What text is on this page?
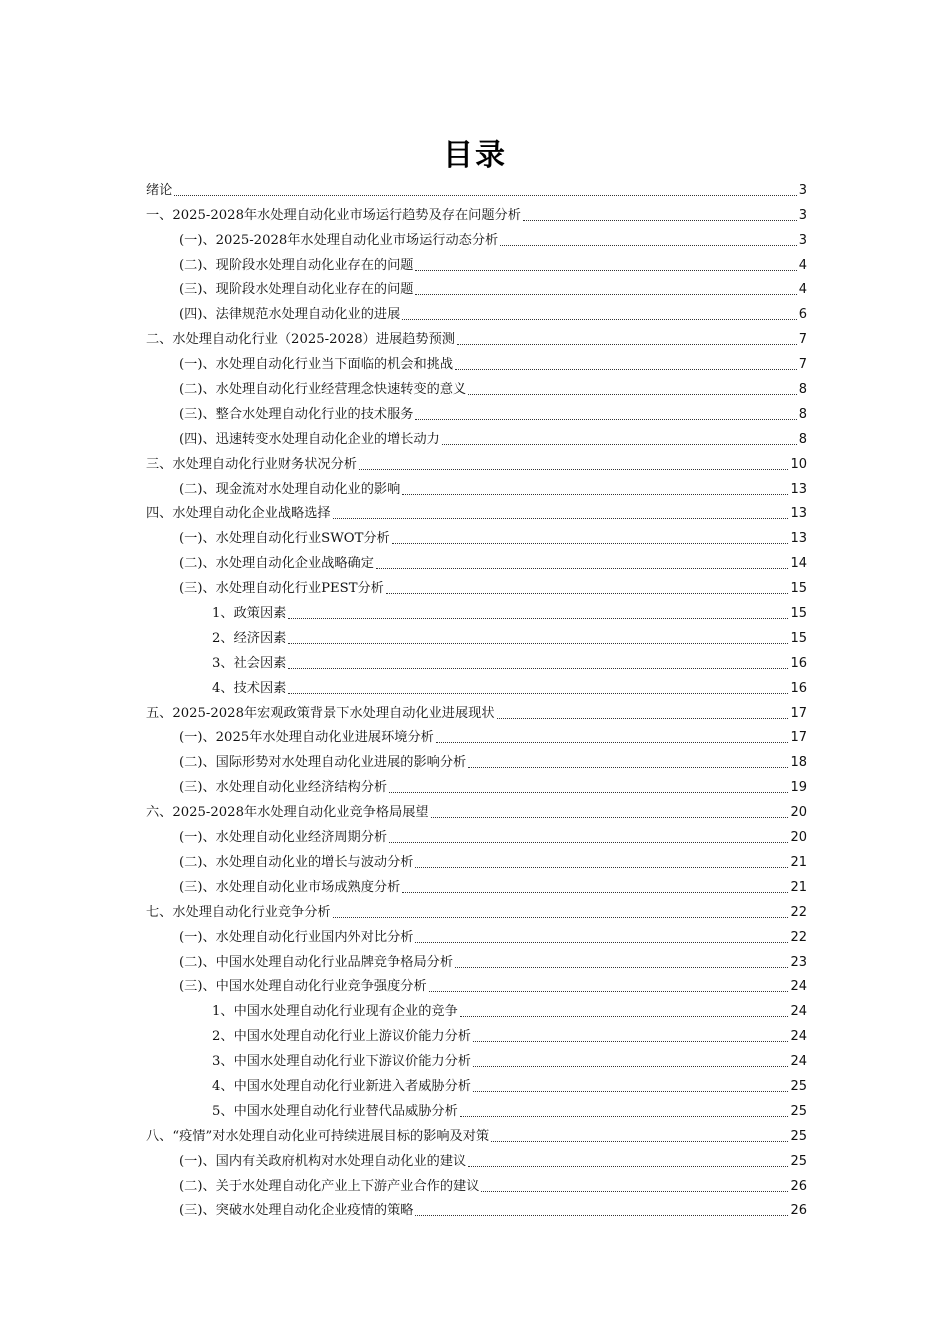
目录
绪论	3
一、2025-2028年水处理自动化业市场运行趋势及存在问题分析	3
(一)、2025-2028年水处理自动化业市场运行动态分析	3
(二)、现阶段水处理自动化业存在的问题	4
(三)、现阶段水处理自动化业存在的问题	4
(四)、法律规范水处理自动化业的进展	6
二、水处理自动化行业（2025-2028）进展趋势预测	7
(一)、水处理自动化行业当下面临的机会和挑战	7
(二)、水处理自动化行业经营理念快速转变的意义	8
(三)、整合水处理自动化行业的技术服务	8
(四)、迅速转变水处理自动化企业的增长动力	8
三、水处理自动化行业财务状况分析	10
(二)、现金流对水处理自动化业的影响	13
四、水处理自动化企业战略选择	13
(一)、水处理自动化行业SWOT分析	13
(二)、水处理自动化企业战略确定	14
(三)、水处理自动化行业PEST分析	15
1、政策因素	15
2、经济因素	15
3、社会因素	16
4、技术因素	16
五、2025-2028年宏观政策背景下水处理自动化业进展现状	17
(一)、2025年水处理自动化业进展环境分析	17
(二)、国际形势对水处理自动化业进展的影响分析	18
(三)、水处理自动化业经济结构分析	19
六、2025-2028年水处理自动化业竞争格局展望	20
(一)、水处理自动化业经济周期分析	20
(二)、水处理自动化业的增长与波动分析	21
(三)、水处理自动化业市场成熟度分析	21
七、水处理自动化行业竞争分析	22
(一)、水处理自动化行业国内外对比分析	22
(二)、中国水处理自动化行业品牌竞争格局分析	23
(三)、中国水处理自动化行业竞争强度分析	24
1、中国水处理自动化行业现有企业的竞争	24
2、中国水处理自动化行业上游议价能力分析	24
3、中国水处理自动化行业下游议价能力分析	24
4、中国水处理自动化行业新进入者威胁分析	25
5、中国水处理自动化行业替代品威胁分析	25
八、“疫情”对水处理自动化业可持续进展目标的影响及对策	25
(一)、国内有关政府机构对水处理自动化业的建议	25
(二)、关于水处理自动化产业上下游产业合作的建议	26
(三)、突破水处理自动化企业疫情的策略	26
